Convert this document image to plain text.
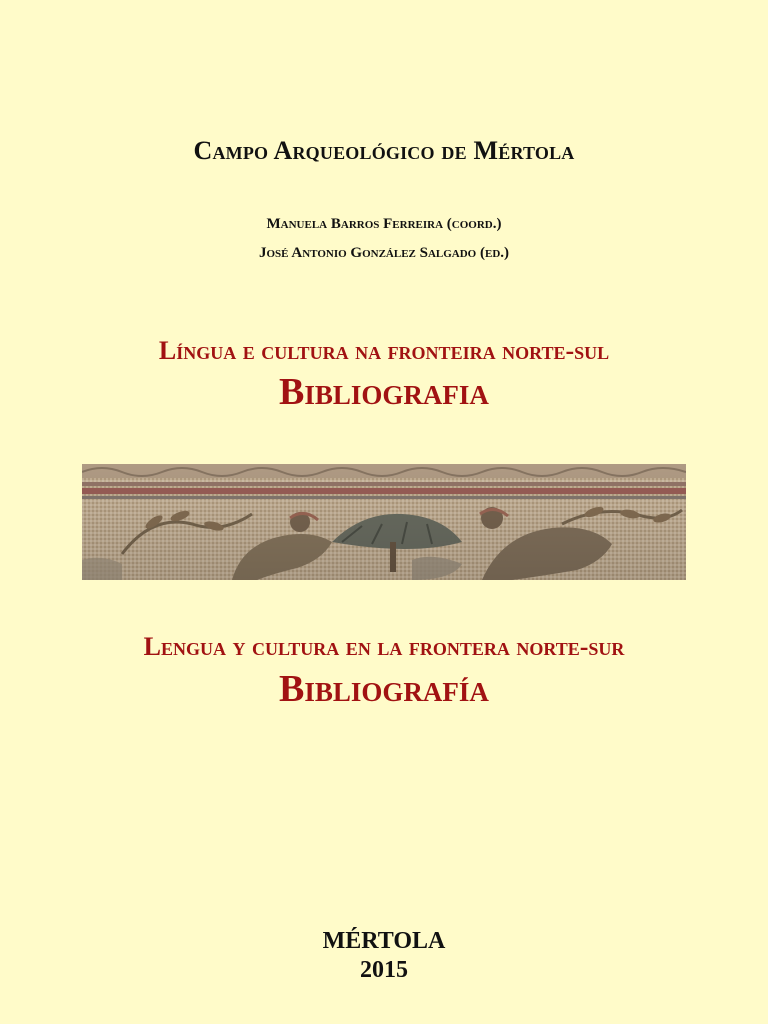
Campo Arqueológico de Mértola
Manuela Barros Ferreira (coord.)
José Antonio González Salgado (ed.)
Língua e cultura na fronteira norte-sul
Bibliografia
Lengua y cultura en la frontera norte-sur
Bibliografía
MÉRTOLA
2015
